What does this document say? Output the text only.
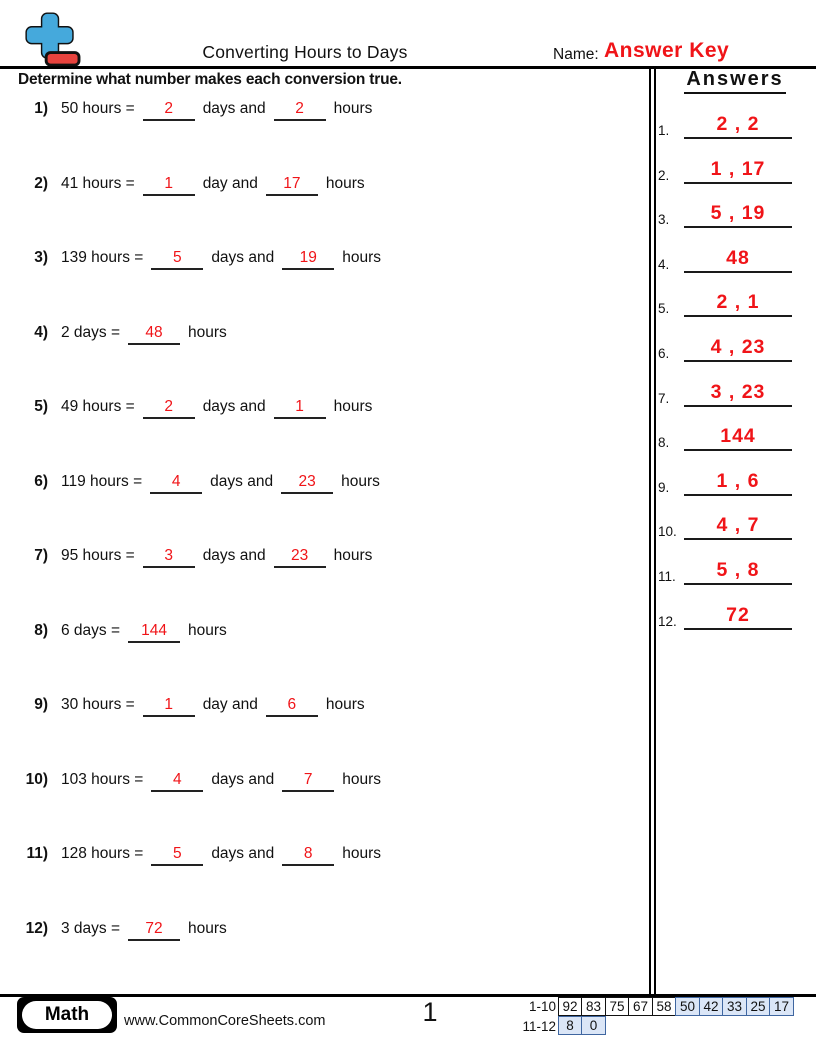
Converting Hours to Days	Name: Answer Key
Determine what number makes each conversion true.	Answers
1.	2 , 2
2.	1 , 17
3.	5 , 19
4.	48
5.	2 , 1
6.	4 , 23
7.	3 , 23
8.	144
9.	1 , 6
10.	4 , 7
11.	5 , 8
12.	72
1) 50 hours =	2	days and	2	hours
2) 41 hours =	1	day and	17	hours
3) 139 hours =	5	days and	19	hours
4) 2 days =	48	hours
5) 49 hours =	2	days and	1	hours
6) 119 hours =	4	days and	23	hours
7) 95 hours =	3	days and	23	hours
8) 6 days =	144	hours
9) 30 hours =	1	day and	6	hours
10) 103 hours =	4	days and	7	hours
11) 128 hours =	5	days and	8	hours
12) 3 days =	72	hours
Math	www.CommonCoreSheets.com	1	1-10 92 83 75 67 58 50 42 33 25 17
11-12 8	0
